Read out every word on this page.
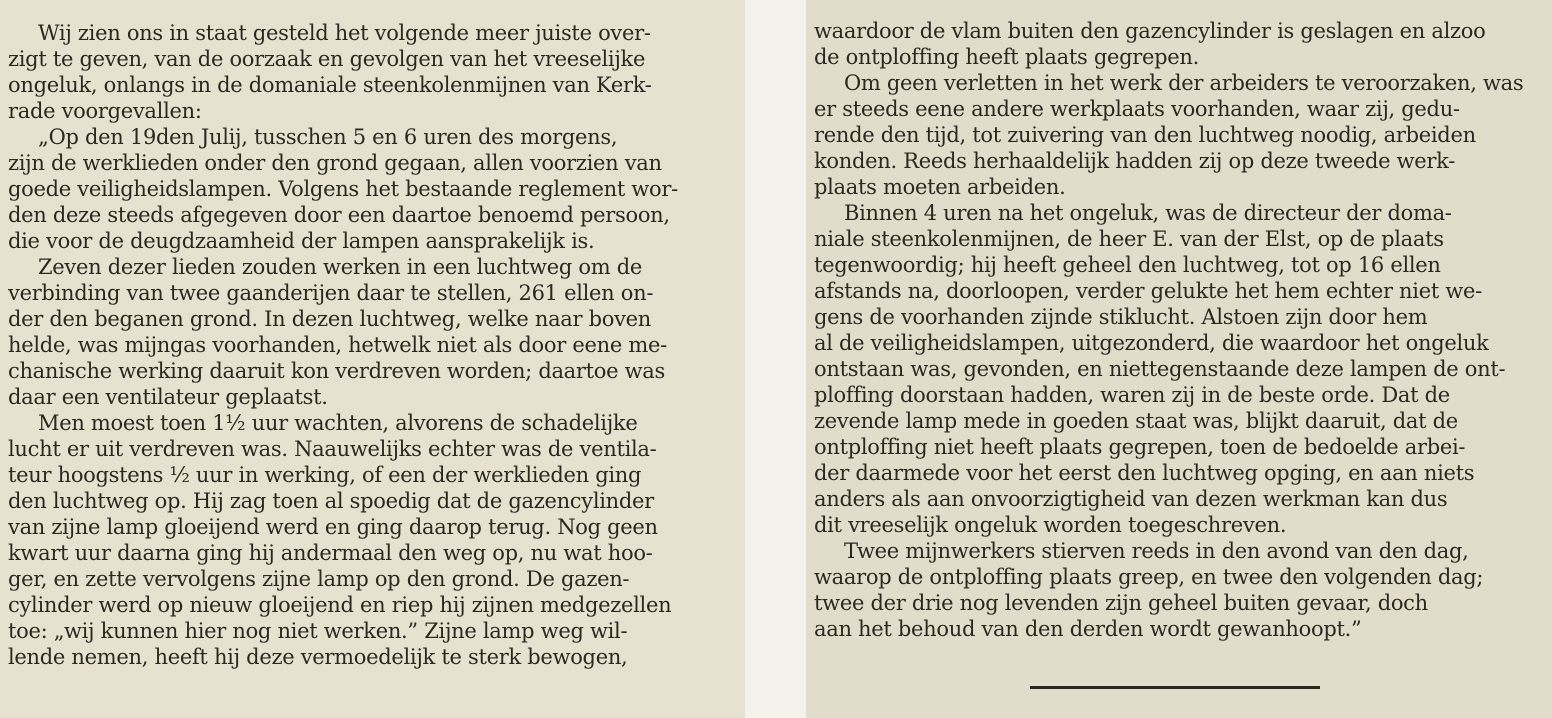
Wij zien ons in staat gesteld het volgende meer juiste over-
zigt te geven, van de oorzaak en gevolgen van het vreeselijke
ongeluk, onlangs in de domaniale steenkolenmijnen van Kerk-
rade voorgevallen:
„Op den 19den Julij, tusschen 5 en 6 uren des morgens,
zijn de werklieden onder den grond gegaan, allen voorzien van
goede veiligheidslampen. Volgens het bestaande reglement wor-
den deze steeds afgegeven door een daartoe benoemd persoon,
die voor de deugdzaamheid der lampen aansprakelijk is.
Zeven dezer lieden zouden werken in een luchtweg om de
verbinding van twee gaanderijen daar te stellen, 261 ellen on-
der den beganen grond. In dezen luchtweg, welke naar boven
helde, was mijngas voorhanden, hetwelk niet als door eene me-
chanische werking daaruit kon verdreven worden; daartoe was
daar een ventilateur geplaatst.
Men moest toen 1½ uur wachten, alvorens de schadelijke
lucht er uit verdreven was. Naauwelijks echter was de ventila-
teur hoogstens ½ uur in werking, of een der werklieden ging
den luchtweg op. Hij zag toen al spoedig dat de gazencylinder
van zijne lamp gloeijend werd en ging daarop terug. Nog geen
kwart uur daarna ging hij andermaal den weg op, nu wat hoo-
ger, en zette vervolgens zijne lamp op den grond. De gazen-
cylinder werd op nieuw gloeijend en riep hij zijnen medgezellen
toe: „wij kunnen hier nog niet werken.” Zijne lamp weg wil-
lende nemen, heeft hij deze vermoedelijk te sterk bewogen,
waardoor de vlam buiten den gazencylinder is geslagen en alzoo
de ontploffing heeft plaats gegrepen.
Om geen verletten in het werk der arbeiders te veroorzaken, was
er steeds eene andere werkplaats voorhanden, waar zij, gedu-
rende den tijd, tot zuivering van den luchtweg noodig, arbeiden
konden. Reeds herhaaldelijk hadden zij op deze tweede werk-
plaats moeten arbeiden.
Binnen 4 uren na het ongeluk, was de directeur der doma-
niale steenkolenmijnen, de heer E. van der Elst, op de plaats
tegenwoordig; hij heeft geheel den luchtweg, tot op 16 ellen
afstands na, doorloopen, verder gelukte het hem echter niet we-
gens de voorhanden zijnde stiklucht. Alstoen zijn door hem
al de veiligheidslampen, uitgezonderd, die waardoor het ongeluk
ontstaan was, gevonden, en niettegenstaande deze lampen de ont-
ploffing doorstaan hadden, waren zij in de beste orde. Dat de
zevende lamp mede in goeden staat was, blijkt daaruit, dat de
ontploffing niet heeft plaats gegrepen, toen de bedoelde arbei-
der daarmede voor het eerst den luchtweg opging, en aan niets
anders als aan onvoorzigtigheid van dezen werkman kan dus
dit vreeselijk ongeluk worden toegeschreven.
Twee mijnwerkers stierven reeds in den avond van den dag,
waarop de ontploffing plaats greep, en twee den volgenden dag;
twee der drie nog levenden zijn geheel buiten gevaar, doch
aan het behoud van den derden wordt gewanhoopt.”
